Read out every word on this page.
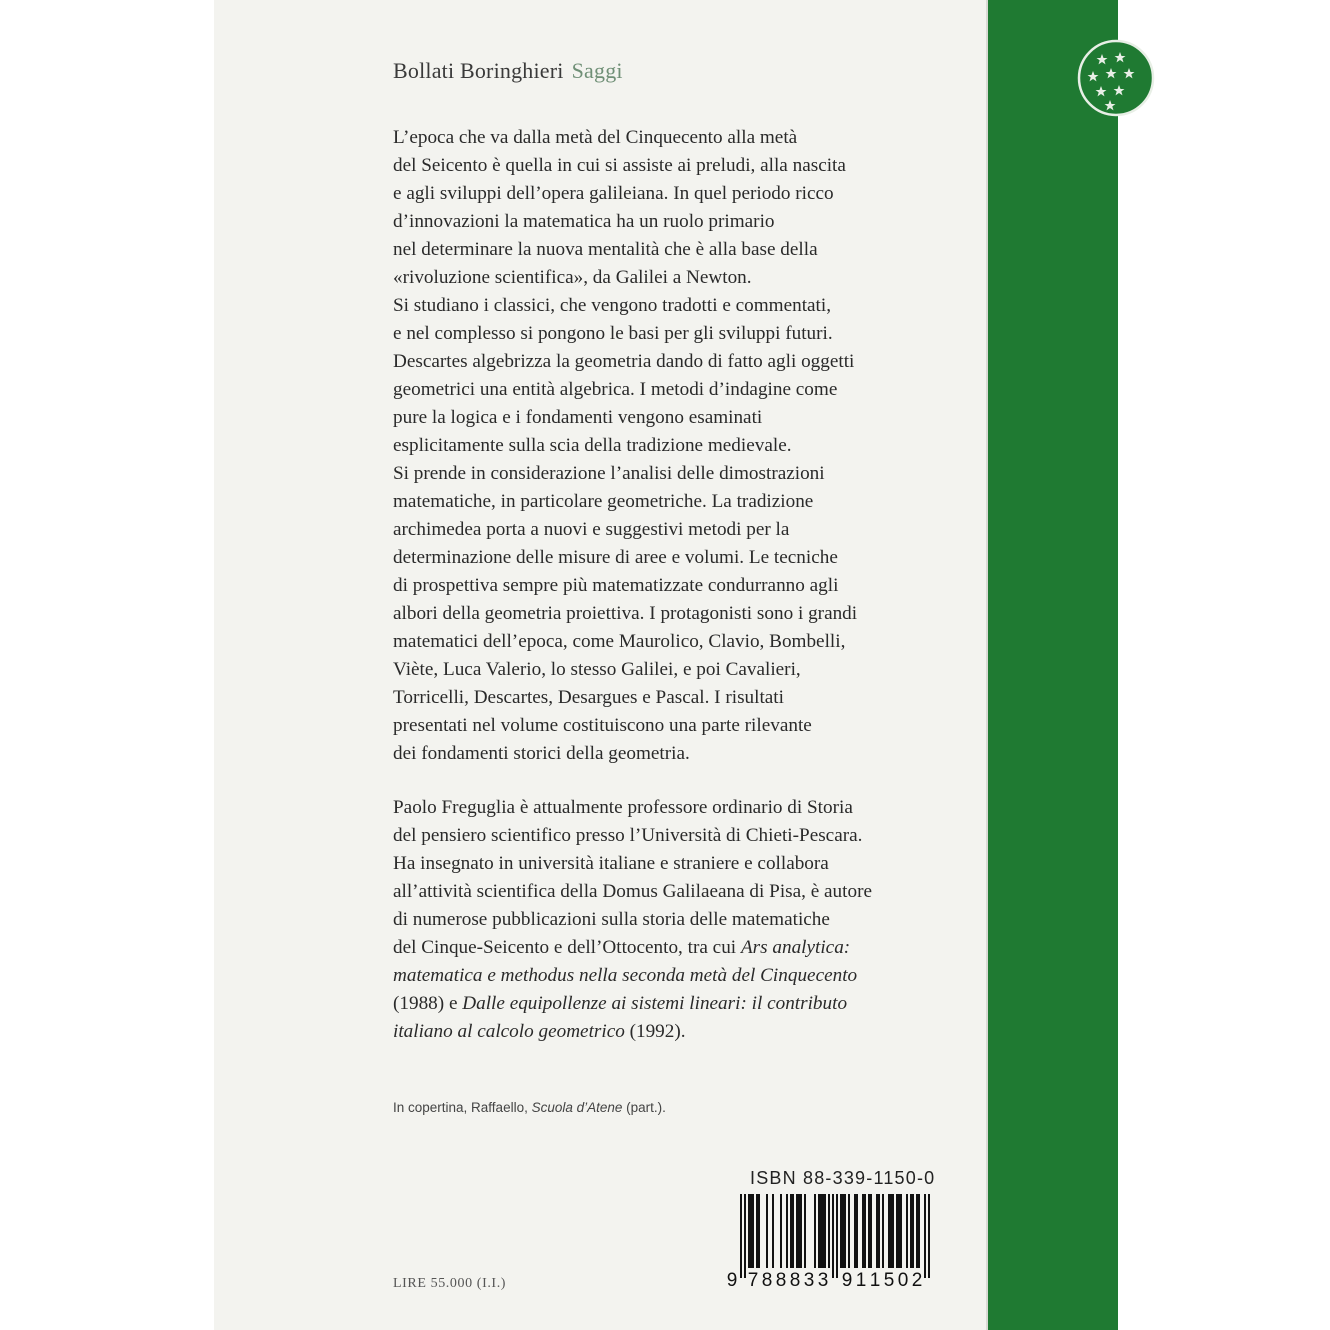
Bollati Boringhieri Saggi
L’epoca che va dalla metà del Cinquecento alla metà
del Seicento è quella in cui si assiste ai preludi, alla nascita
e agli sviluppi dell’opera galileiana. In quel periodo ricco
d’innovazioni la matematica ha un ruolo primario
nel determinare la nuova mentalità che è alla base della
«rivoluzione scientifica», da Galilei a Newton.
Si studiano i classici, che vengono tradotti e commentati,
e nel complesso si pongono le basi per gli sviluppi futuri.
Descartes algebrizza la geometria dando di fatto agli oggetti
geometrici una entità algebrica. I metodi d’indagine come
pure la logica e i fondamenti vengono esaminati
esplicitamente sulla scia della tradizione medievale.
Si prende in considerazione l’analisi delle dimostrazioni
matematiche, in particolare geometriche. La tradizione
archimedea porta a nuovi e suggestivi metodi per la
determinazione delle misure di aree e volumi. Le tecniche
di prospettiva sempre più matematizzate condurranno agli
albori della geometria proiettiva. I protagonisti sono i grandi
matematici dell’epoca, come Maurolico, Clavio, Bombelli,
Viète, Luca Valerio, lo stesso Galilei, e poi Cavalieri,
Torricelli, Descartes, Desargues e Pascal. I risultati
presentati nel volume costituiscono una parte rilevante
dei fondamenti storici della geometria.
Paolo Freguglia è attualmente professore ordinario di Storia
del pensiero scientifico presso l’Università di Chieti-Pescara.
Ha insegnato in università italiane e straniere e collabora
all’attività scientifica della Domus Galilaeana di Pisa, è autore
di numerose pubblicazioni sulla storia delle matematiche
del Cinque-Seicento e dell’Ottocento, tra cui Ars analytica:
matematica e methodus nella seconda metà del Cinquecento
(1988) e Dalle equipollenze ai sistemi lineari: il contributo
italiano al calcolo geometrico (1992).
In copertina, Raffaello, Scuola d’Atene (part.).
LIRE 55.000 (I.I.)
ISBN 88-339-1150-0
9 7 8 8 8 3 3 9 1 1 5 0 2
